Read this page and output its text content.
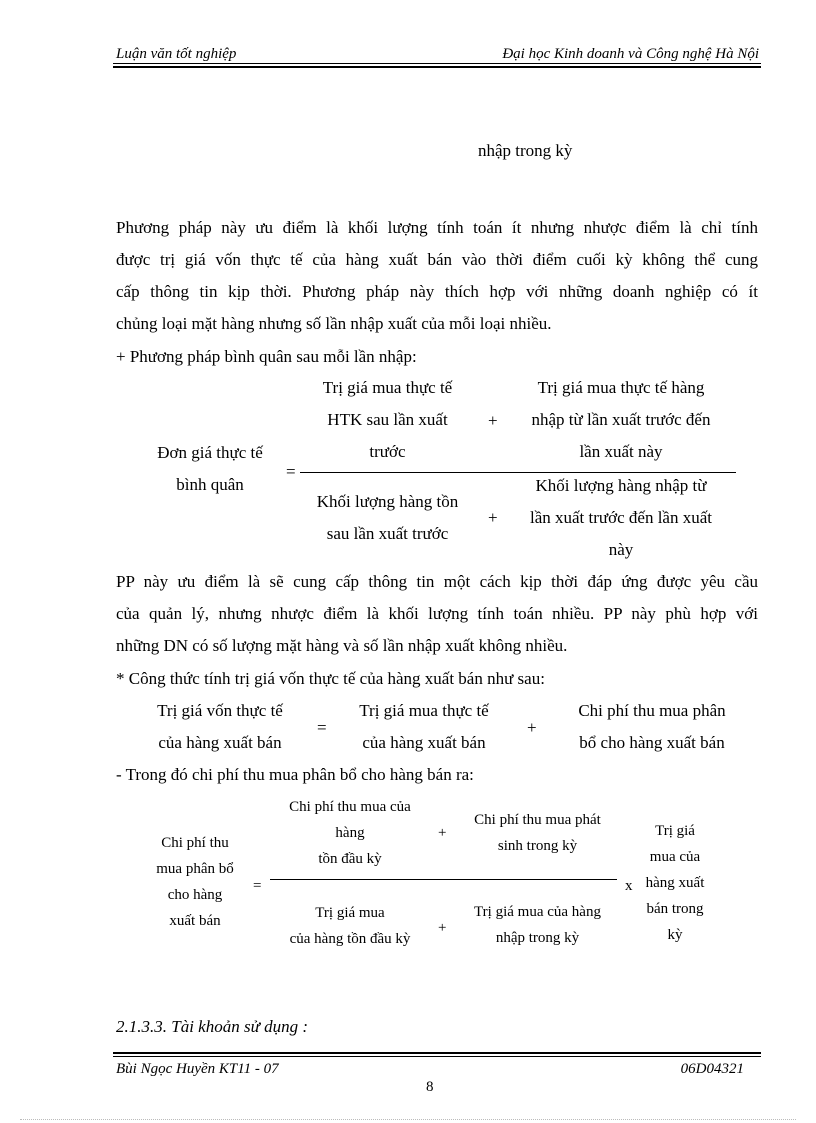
Luận văn tốt nghiệp	Đại học Kinh doanh và Công nghệ Hà Nội
nhập trong kỳ
Phương pháp này ưu điểm là khối lượng tính toán ít nhưng nhược điểm là chỉ tính
được trị giá vốn thực tế của hàng xuất bán vào thời điểm cuối kỳ không thể cung
cấp thông tin kịp thời. Phương pháp này thích hợp với những doanh nghiệp có ít
chủng loại mặt hàng nhưng số lần nhập xuất của mỗi loại nhiều.
+ Phương pháp bình quân sau mỗi lần nhập:
Đơn giá thực tế
bình quân
=
Trị giá mua thực tế
HTK sau lần xuất
trước
+
Trị giá mua thực tế hàng
nhập từ lần xuất trước đến
lần xuất này
Khối lượng hàng tồn
sau lần xuất trước
+
Khối lượng hàng nhập từ
lần xuất trước đến lần xuất
này
PP này ưu điểm là sẽ cung cấp thông tin một cách kịp thời đáp ứng được yêu cầu
của quản lý, nhưng nhược điểm là khối lượng tính toán nhiều. PP này phù hợp với
những DN có số lượng mặt hàng và số lần nhập xuất không nhiều.
* Công thức tính trị giá vốn thực tế của hàng xuất bán như sau:
Trị giá vốn thực tế
của hàng xuất bán
=
Trị giá mua thực tế
của hàng xuất bán
+
Chi phí thu mua phân
bổ cho hàng xuất bán
- Trong đó chi phí thu mua phân bổ cho hàng bán ra:
Chi phí thu
mua phân bổ
cho hàng
xuất bán
=
Chi phí thu mua của
hàng
tồn đầu kỳ
+
Chi phí thu mua phát
sinh trong kỳ
Trị giá mua
của hàng tồn đầu kỳ
+
Trị giá mua của hàng
nhập trong kỳ
x
Trị giá
mua của
hàng xuất
bán trong
kỳ
2.1.3.3. Tài khoản sử dụng :
Bùi Ngọc Huyền KT11 - 07	06D04321
8
